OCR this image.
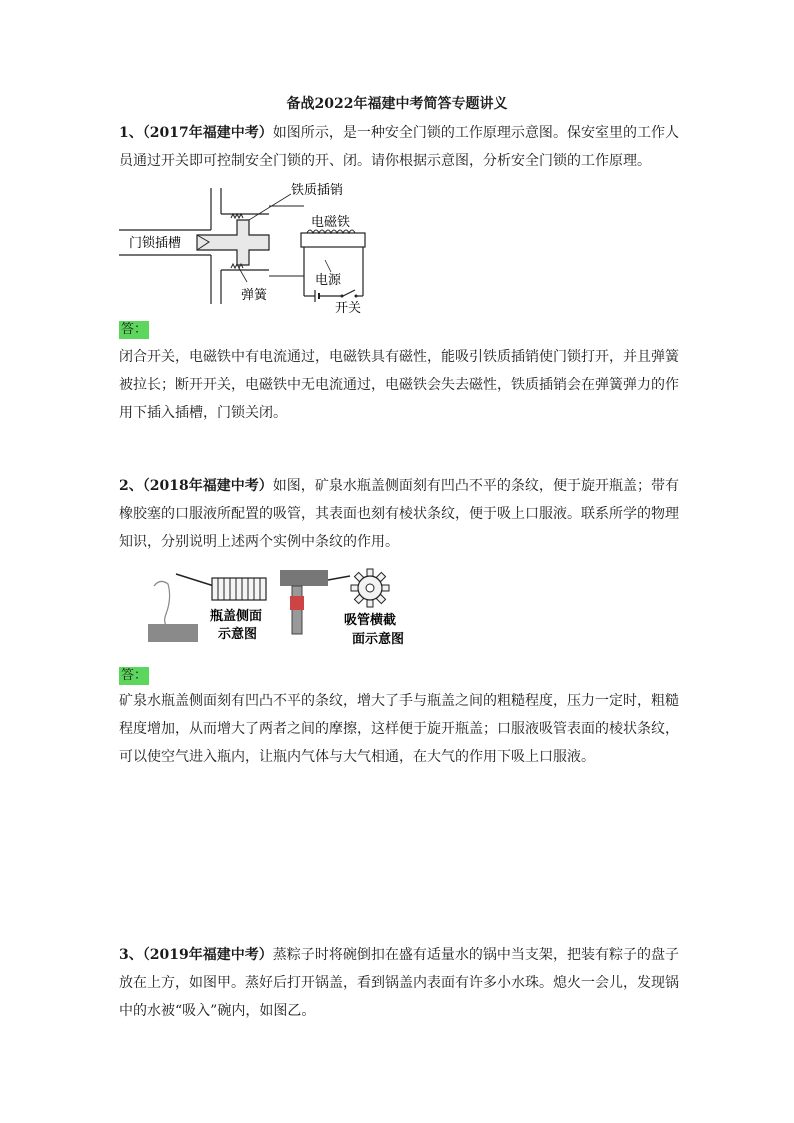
备战2022年福建中考简答专题讲义
1、（2017年福建中考）如图所示，是一种安全门锁的工作原理示意图。保安室里的工作人员通过开关即可控制安全门锁的开、闭。请你根据示意图，分析安全门锁的工作原理。
铁质插销
门锁插槽
电磁铁
弹簧
电源
开关
答：
闭合开关，电磁铁中有电流通过，电磁铁具有磁性，能吸引铁质插销使门锁打开，并且弹簧被拉长；断开开关，电磁铁中无电流通过，电磁铁会失去磁性，铁质插销会在弹簧弹力的作用下插入插槽，门锁关闭。
2、（2018年福建中考）如图，矿泉水瓶盖侧面刻有凹凸不平的条纹，便于旋开瓶盖；带有橡胶塞的口服液所配置的吸管，其表面也刻有棱状条纹，便于吸上口服液。联系所学的物理知识，分别说明上述两个实例中条纹的作用。
瓶盖侧面
示意图
吸管横截
面示意图
答：
矿泉水瓶盖侧面刻有凹凸不平的条纹，增大了手与瓶盖之间的粗糙程度，压力一定时，粗糙程度增加，从而增大了两者之间的摩擦，这样便于旋开瓶盖；口服液吸管表面的棱状条纹，可以使空气进入瓶内，让瓶内气体与大气相通，在大气的作用下吸上口服液。
3、（2019年福建中考）蒸粽子时将碗倒扣在盛有适量水的锅中当支架，把装有粽子的盘子放在上方，如图甲。蒸好后打开锅盖，看到锅盖内表面有许多小水珠。熄火一会儿，发现锅中的水被“吸入”碗内，如图乙。
